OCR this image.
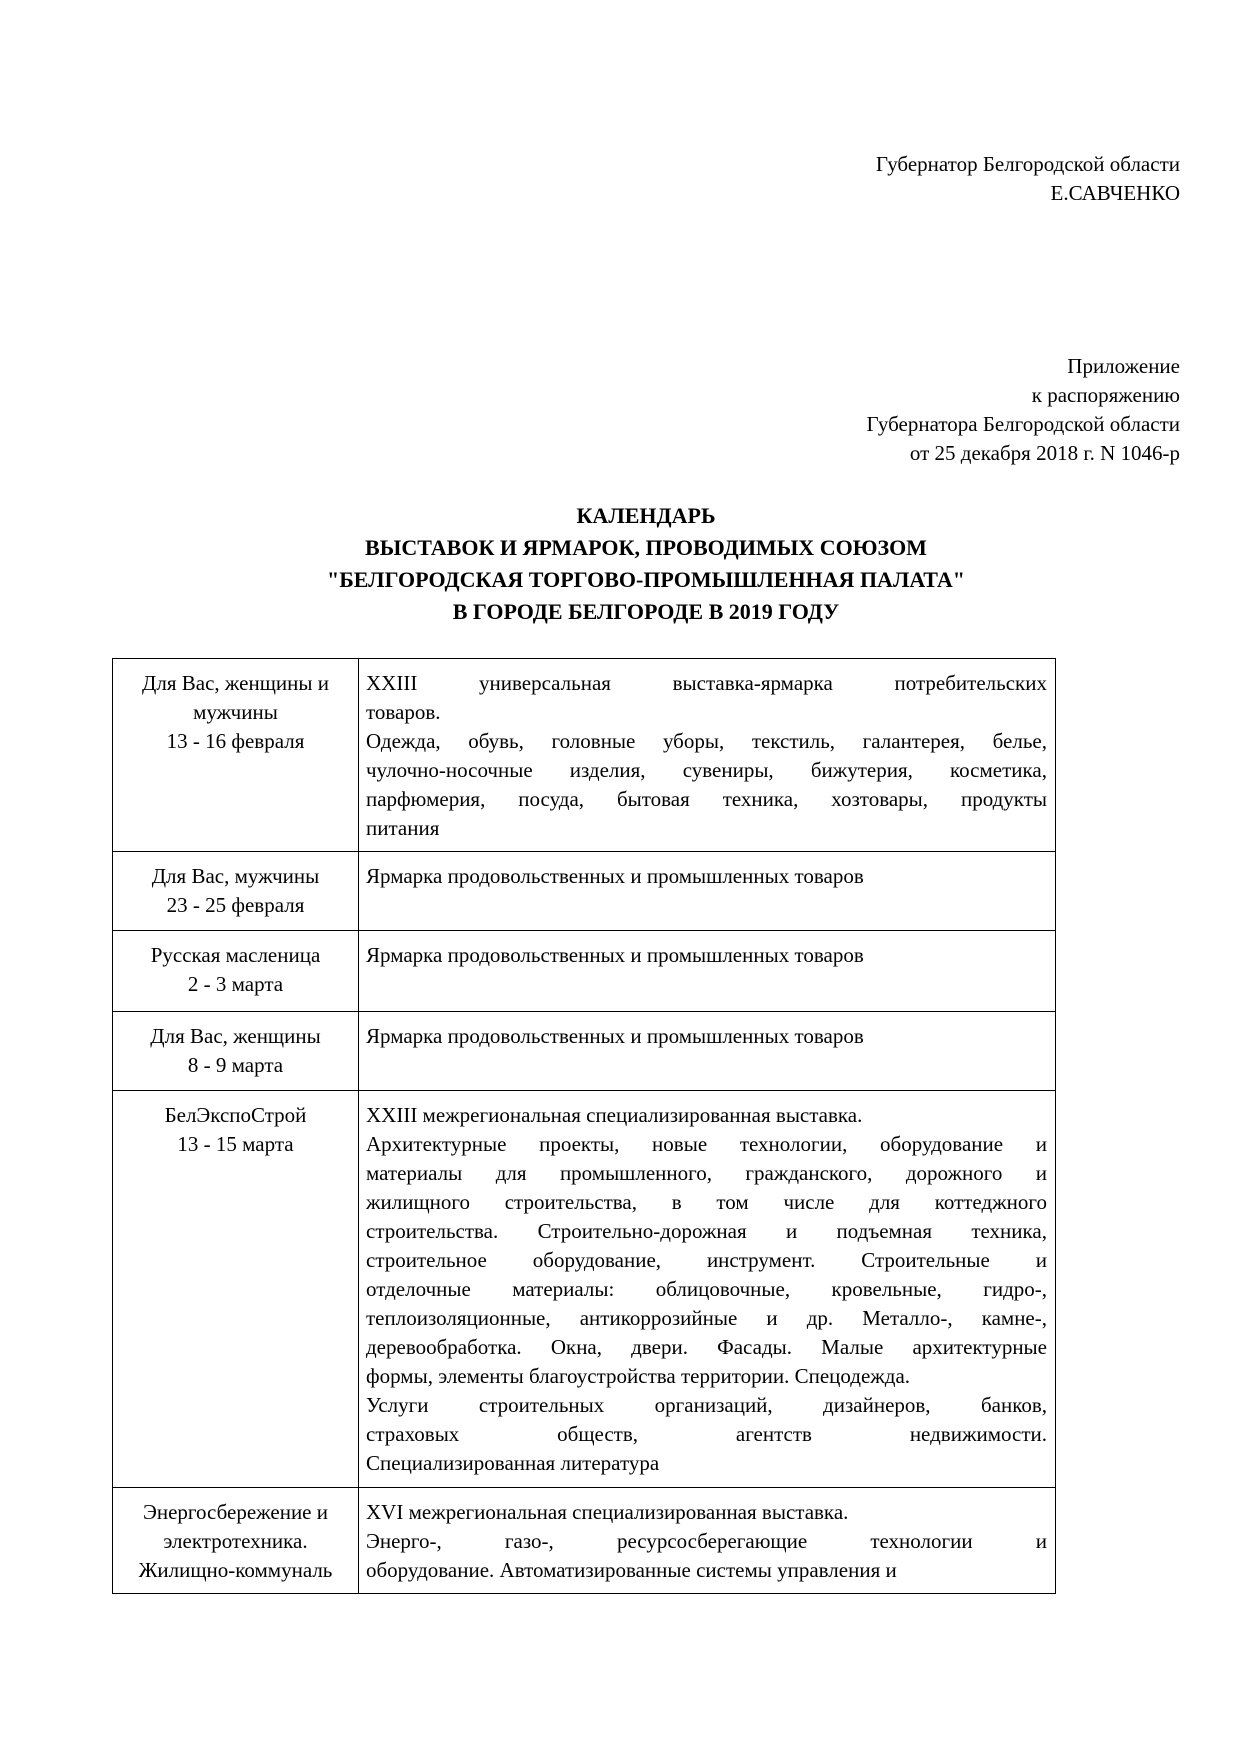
Губернатор Белгородской области
Е.САВЧЕНКО
Приложение
к распоряжению
Губернатора Белгородской области
от 25 декабря 2018 г. N 1046-р
КАЛЕНДАРЬ
ВЫСТАВОК И ЯРМАРОК, ПРОВОДИМЫХ СОЮЗОМ
"БЕЛГОРОДСКАЯ ТОРГОВО-ПРОМЫШЛЕННАЯ ПАЛАТА"
В ГОРОДЕ БЕЛГОРОДЕ В 2019 ГОДУ
Для Вас, женщины и
мужчины
13 - 16 февраля
XXIII универсальная выставка-ярмарка потребительских
товаров.
Одежда, обувь, головные уборы, текстиль, галантерея, белье,
чулочно-носочные изделия, сувениры, бижутерия, косметика,
парфюмерия, посуда, бытовая техника, хозтовары, продукты
питания
Для Вас, мужчины
23 - 25 февраля
Ярмарка продовольственных и промышленных товаров
Русская масленица
2 - 3 марта
Ярмарка продовольственных и промышленных товаров
Для Вас, женщины
8 - 9 марта
Ярмарка продовольственных и промышленных товаров
БелЭкспоСтрой
13 - 15 марта
XXIII межрегиональная специализированная выставка.
Архитектурные проекты, новые технологии, оборудование и
материалы для промышленного, гражданского, дорожного и
жилищного строительства, в том числе для коттеджного
строительства. Строительно-дорожная и подъемная техника,
строительное оборудование, инструмент. Строительные и
отделочные материалы: облицовочные, кровельные, гидро-,
теплоизоляционные, антикоррозийные и др. Металло-, камне-,
деревообработка. Окна, двери. Фасады. Малые архитектурные
формы, элементы благоустройства территории. Спецодежда.
Услуги строительных организаций, дизайнеров, банков,
страховых обществ, агентств недвижимости.
Специализированная литература
Энергосбережение и
электротехника.
Жилищно-коммуналь
XVI межрегиональная специализированная выставка.
Энерго-, газо-, ресурсосберегающие технологии и
оборудование. Автоматизированные системы управления и
